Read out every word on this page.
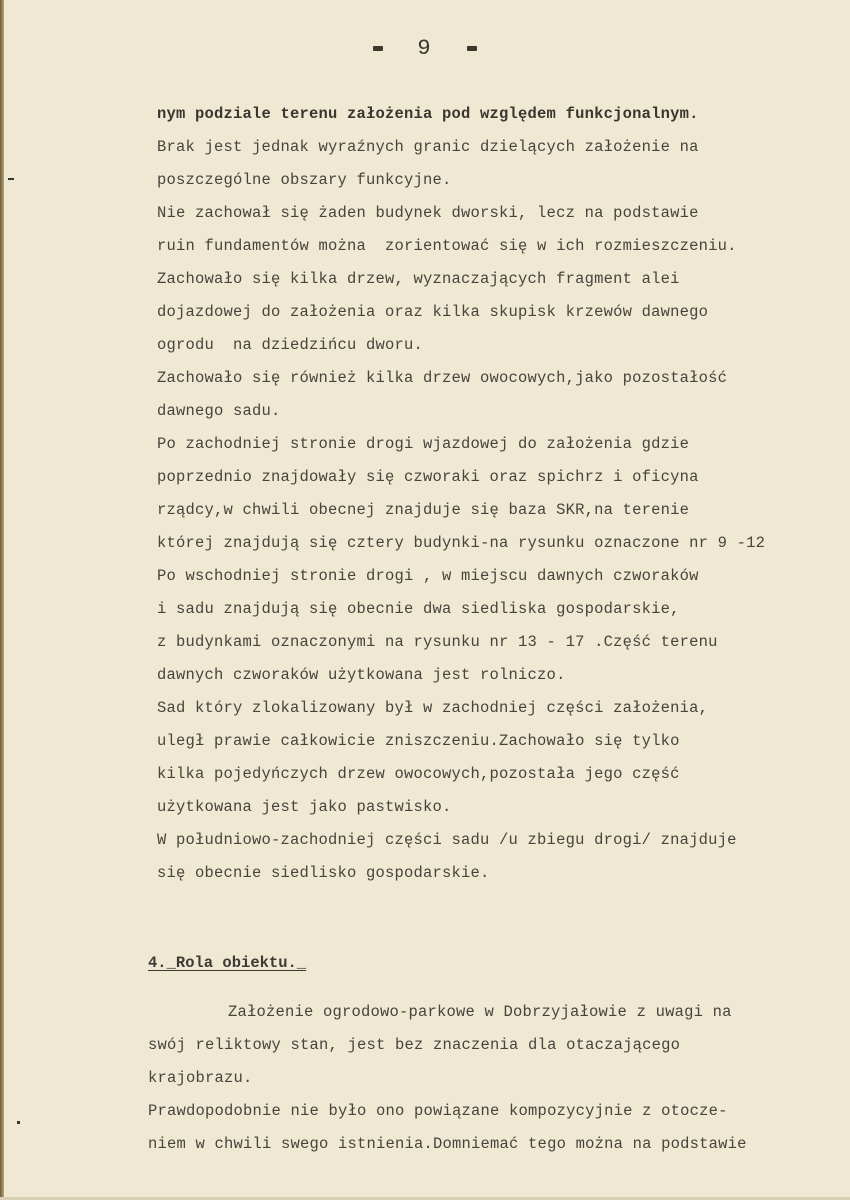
9
nym podziale terenu założenia pod względem funkcjonalnym.
Brak jest jednak wyraźnych granic dzielących założenie na
poszczególne obszary funkcyjne.
Nie zachował się żaden budynek dworski, lecz na podstawie
ruin fundamentów można  zorientować się w ich rozmieszczeniu.
Zachowało się kilka drzew, wyznaczających fragment alei
dojazdowej do założenia oraz kilka skupisk krzewów dawnego
ogrodu  na dziedzińcu dworu.
Zachowało się również kilka drzew owocowych,jako pozostałość
dawnego sadu.
Po zachodniej stronie drogi wjazdowej do założenia gdzie
poprzednio znajdowały się czworaki oraz spichrz i oficyna
rządcy,w chwili obecnej znajduje się baza SKR,na terenie
której znajdują się cztery budynki-na rysunku oznaczone nr 9 -12
Po wschodniej stronie drogi , w miejscu dawnych czworaków
i sadu znajdują się obecnie dwa siedliska gospodarskie,
z budynkami oznaczonymi na rysunku nr 13 - 17 .Część terenu
dawnych czworaków użytkowana jest rolniczo.
Sad który zlokalizowany był w zachodniej części założenia,
uległ prawie całkowicie zniszczeniu.Zachowało się tylko
kilka pojedyńczych drzew owocowych,pozostała jego część
użytkowana jest jako pastwisko.
W południowo-zachodniej części sadu /u zbiegu drogi/ znajduje
się obecnie siedlisko gospodarskie.
4._Rola obiektu._
Założenie ogrodowo-parkowe w Dobrzyjałowie z uwagi na
swój reliktowy stan, jest bez znaczenia dla otaczającego
krajobrazu.
Prawdopodobnie nie było ono powiązane kompozycyjnie z otocze-
niem w chwili swego istnienia.Domniemać tego można na podstawie
